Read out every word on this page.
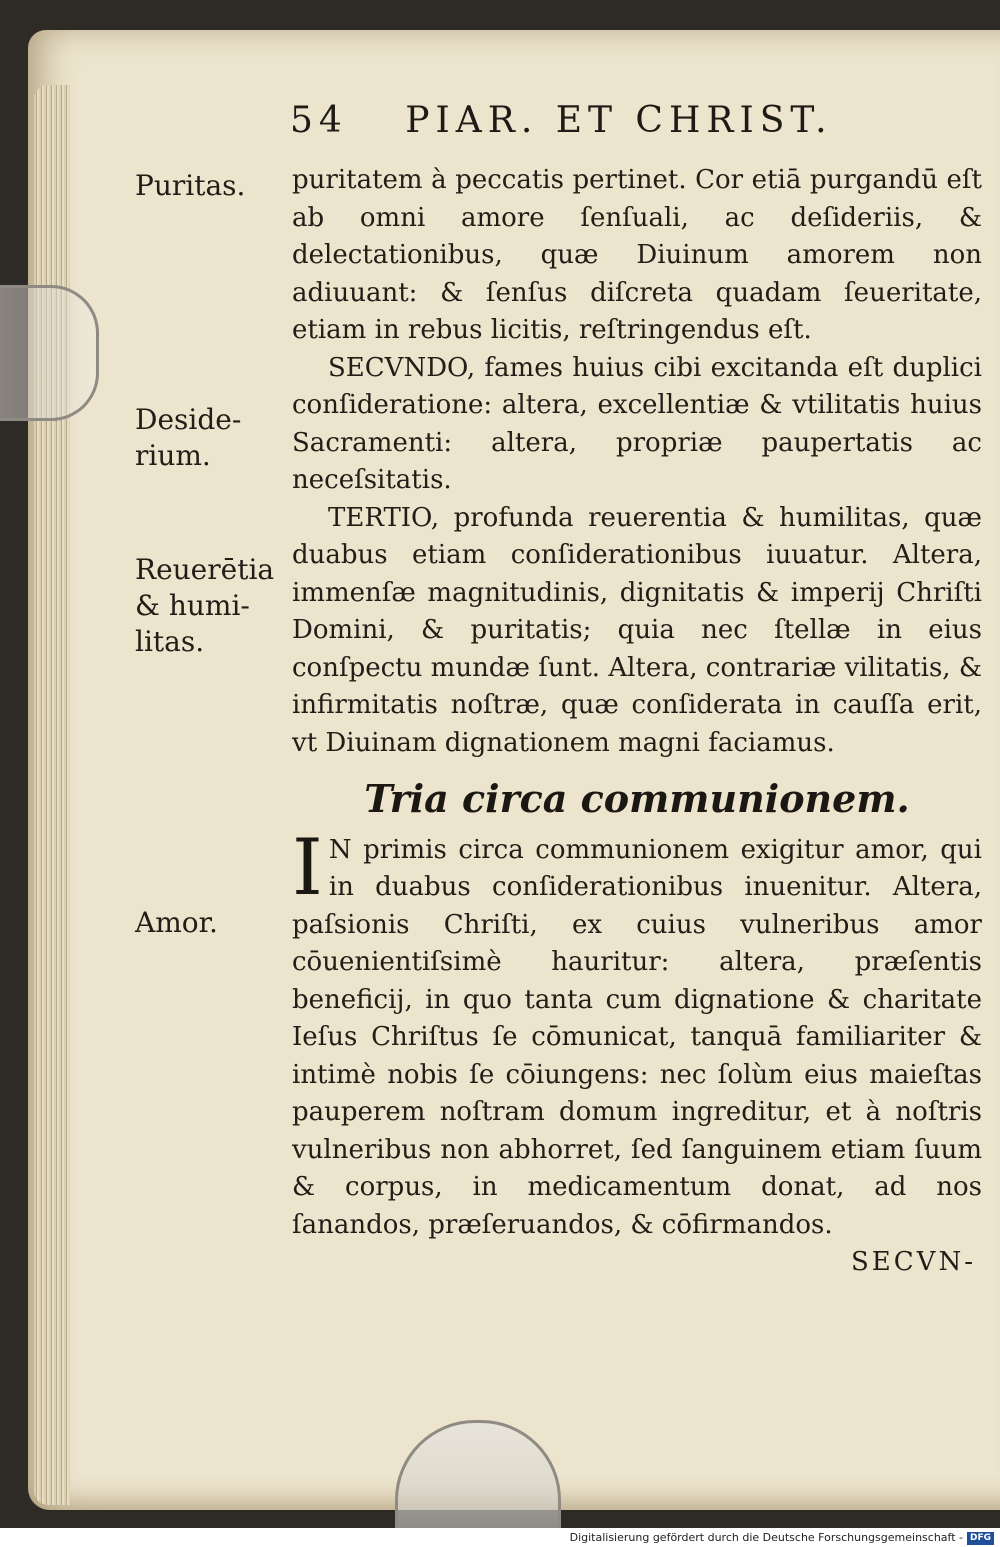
54 PIAR. ET CHRIST.
Puritas.
Deside-
rium.
Reuerētia
& humi-
litas.
Amor.

puritatem à peccatis pertinet. Cor etiā purgandū eſt ab omni amore ſenſuali, ac deſideriis, & delectationibus, quæ Diuinum amorem non adiuuant: & ſenſus diſcreta quadam ſeueritate, etiam in rebus licitis, reſtringendus eſt.

SECVNDO, fames huius cibi excitanda eſt duplici conſideratione: altera, excellentiæ & vtilitatis huius Sacramenti: altera, propriæ paupertatis ac neceſsitatis.

TERTIO, profunda reuerentia & humilitas, quæ duabus etiam conſiderationibus iuuatur. Altera, immenſæ magnitudinis, dignitatis & imperij Chriſti Domini, & puritatis; quia nec ſtellæ in eius conſpectu mundæ ſunt. Altera, contrariæ vilitatis, & infirmitatis noſtræ, quæ conſiderata in cauſſa erit, vt Diuinam dignationem magni faciamus.

Tria circa communionem.

I N primis circa communionem exigitur amor, qui in duabus conſiderationibus inuenitur. Altera, paſsionis Chriſti, ex cuius vulneribus amor cōuenientiſsimè hauritur: altera, præſentis beneficij, in quo tanta cum dignatione & charitate Ieſus Chriſtus ſe cōmunicat, tanquā familiariter & intimè nobis ſe cōiungens: nec ſolùm eius maieſtas pauperem noſtram domum ingreditur, et à noſtris vulneribus non abhorret, ſed ſanguinem etiam ſuum & corpus, in medicamentum donat, ad nos ſanandos, præſeruandos, & cōfirmandos.

SECVN-
Digitalisierung gefördert durch die Deutsche Forschungsgemeinschaft - DFG
